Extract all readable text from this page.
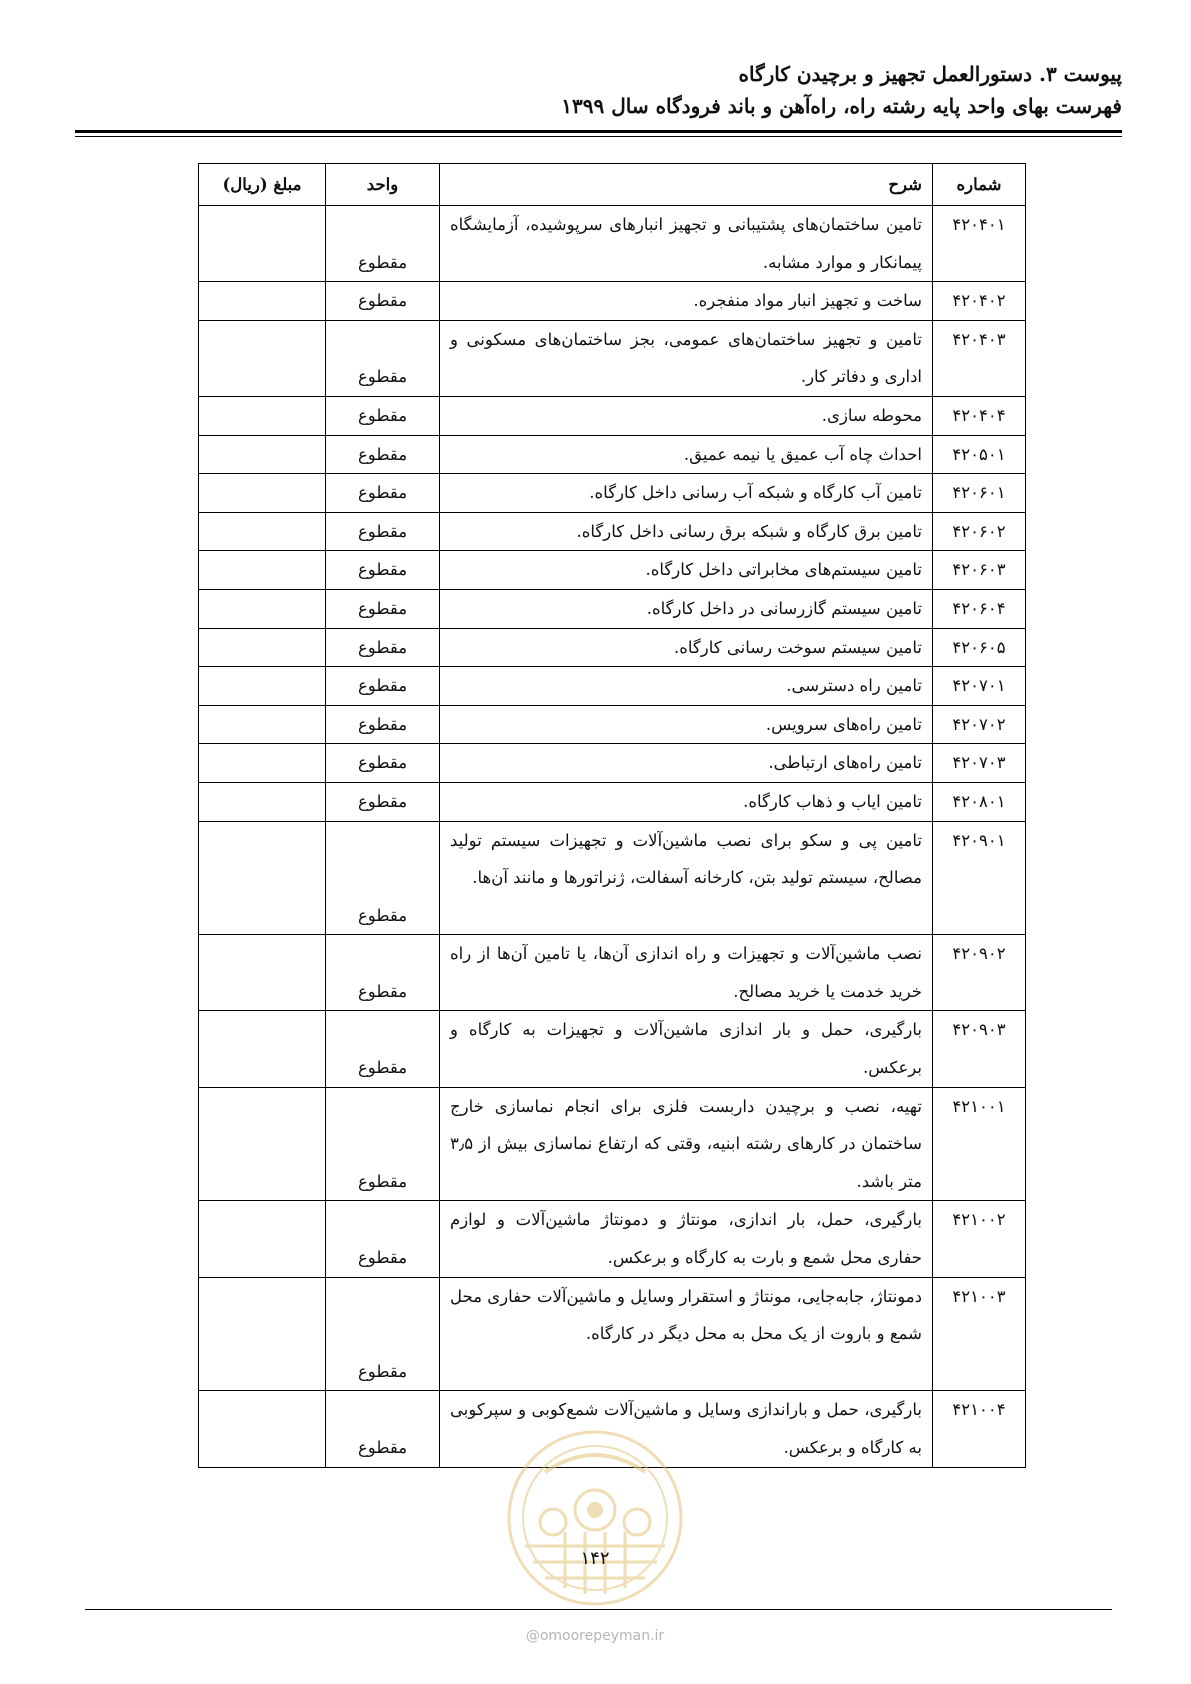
پیوست ۳. دستورالعمل تجهیز و برچیدن کارگاه
فهرست بهای واحد پایه رشته راه، راه‌آهن و باند فرودگاه سال ۱۳۹۹
شماره	شرح	واحد	مبلغ (ریال)
۴۲۰۴۰۱	تامین ساختمان‌های پشتیبانی و تجهیز انبارهای سرپوشیده، آزمایشگاه پیمانکار و موارد مشابه.	مقطوع	
۴۲۰۴۰۲	ساخت و تجهیز انبار مواد منفجره.	مقطوع	
۴۲۰۴۰۳	تامین و تجهیز ساختمان‌های عمومی، بجز ساختمان‌های مسکونی و اداری و دفاتر کار.	مقطوع	
۴۲۰۴۰۴	محوطه سازی.	مقطوع	
۴۲۰۵۰۱	احداث چاه آب عمیق یا نیمه عمیق.	مقطوع	
۴۲۰۶۰۱	تامین آب کارگاه و شبکه آب رسانی داخل کارگاه.	مقطوع	
۴۲۰۶۰۲	تامین برق کارگاه و شبکه برق رسانی داخل کارگاه.	مقطوع	
۴۲۰۶۰۳	تامین سیستم‌های مخابراتی داخل کارگاه.	مقطوع	
۴۲۰۶۰۴	تامین سیستم گازرسانی در داخل کارگاه.	مقطوع	
۴۲۰۶۰۵	تامین سیستم سوخت رسانی کارگاه.	مقطوع	
۴۲۰۷۰۱	تامین راه دسترسی.	مقطوع	
۴۲۰۷۰۲	تامین راه‌های سرویس.	مقطوع	
۴۲۰۷۰۳	تامین راه‌های ارتباطی.	مقطوع	
۴۲۰۸۰۱	تامین ایاب و ذهاب کارگاه.	مقطوع	
۴۲۰۹۰۱	تامین پی و سکو برای نصب ماشین‌آلات و تجهیزات سیستم تولید مصالح، سیستم تولید بتن، کارخانه آسفالت، ژنراتورها و مانند آن‌ها.	مقطوع	
۴۲۰۹۰۲	نصب ماشین‌آلات و تجهیزات و راه اندازی آن‌ها، یا تامین آن‌ها از راه خرید خدمت یا خرید مصالح.	مقطوع	
۴۲۰۹۰۳	بارگیری، حمل و بار اندازی ماشین‌آلات و تجهیزات به کارگاه و برعکس.	مقطوع	
۴۲۱۰۰۱	تهیه، نصب و برچیدن داربست فلزی برای انجام نماسازی خارج ساختمان در کارهای رشته ابنیه، وقتی که ارتفاع نماسازی بیش از ۳٫۵ متر باشد.	مقطوع	
۴۲۱۰۰۲	بارگیری، حمل، بار اندازی، مونتاژ و دمونتاژ ماشین‌آلات و لوازم حفاری محل شمع و بارت به کارگاه و برعکس.	مقطوع	
۴۲۱۰۰۳	دمونتاژ، جابه‌جایی، مونتاژ و استقرار وسایل و ماشین‌آلات حفاری محل شمع و باروت از یک محل به محل دیگر در کارگاه.	مقطوع	
۴۲۱۰۰۴	بارگیری، حمل و باراندازی وسایل و ماشین‌آلات شمع‌کوبی و سپرکوبی به کارگاه و برعکس.	مقطوع	
۱۴۲
@omoorepeyman.ir
